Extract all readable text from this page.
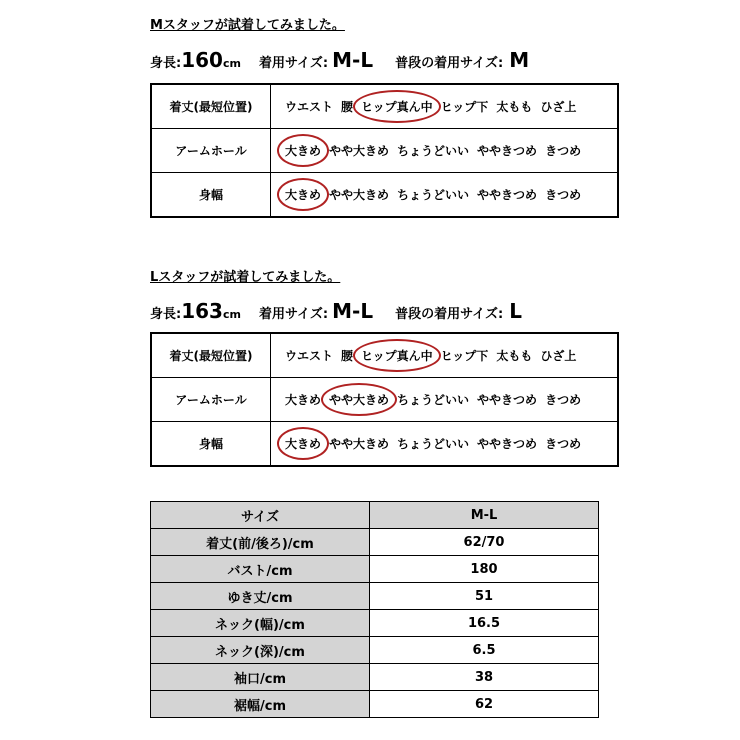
Mスタッフが試着してみました。
身長: 160 cm 着用サイズ: M-L 普段の着用サイズ: M
着丈(最短位置)	ウエスト 腰 ヒップ真ん中 ヒップ下 太もも ひざ上
アームホール	大きめ やや大きめ ちょうどいい ややきつめ きつめ
身幅	大きめ やや大きめ ちょうどいい ややきつめ きつめ
Lスタッフが試着してみました。
身長: 163 cm 着用サイズ: M-L 普段の着用サイズ: L
着丈(最短位置)	ウエスト 腰 ヒップ真ん中 ヒップ下 太もも ひざ上
アームホール	大きめ やや大きめ ちょうどいい ややきつめ きつめ
身幅	大きめ やや大きめ ちょうどいい ややきつめ きつめ
サイズ	M-L
着丈(前/後ろ)/cm	62/70
バスト/cm	180
ゆき丈/cm	51
ネック(幅)/cm	16.5
ネック(深)/cm	6.5
袖口/cm	38
裾幅/cm	62
